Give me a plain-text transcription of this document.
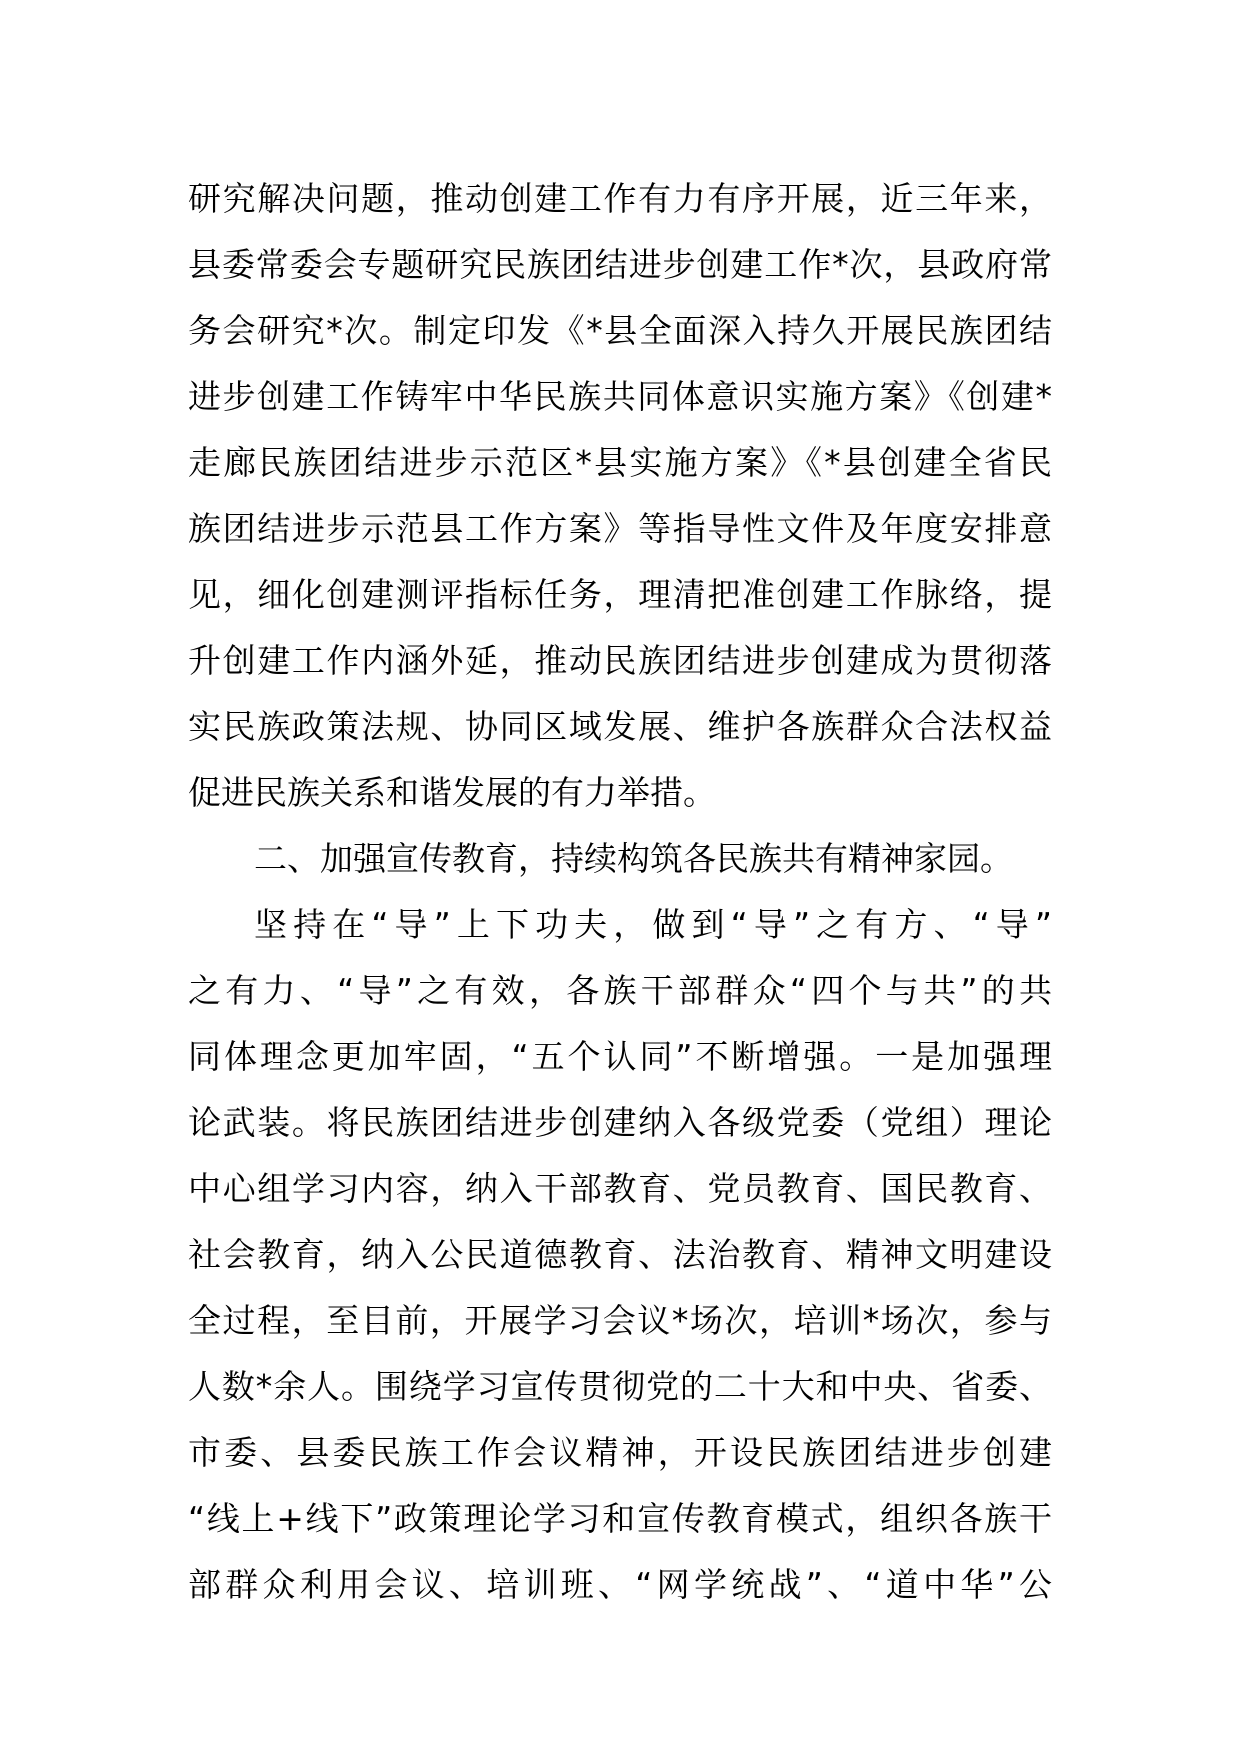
研究解决问题，推动创建工作有力有序开展，近三年来，
县委常委会专题研究民族团结进步创建工作*次，县政府常
务会研究*次。制定印发《*县全面深入持久开展民族团结
进步创建工作铸牢中华民族共同体意识实施方案》《创建*
走廊民族团结进步示范区*县实施方案》《*县创建全省民
族团结进步示范县工作方案》等指导性文件及年度安排意
见，细化创建测评指标任务，理清把准创建工作脉络，提
升创建工作内涵外延，推动民族团结进步创建成为贯彻落
实民族政策法规、协同区域发展、维护各族群众合法权益
促进民族关系和谐发展的有力举措。
二、加强宣传教育，持续构筑各民族共有精神家园。
坚持在“导”上下功夫，做到“导”之有方、“导”
之有力、“导”之有效，各族干部群众“四个与共”的共
同体理念更加牢固，“五个认同”不断增强。一是加强理
论武装。将民族团结进步创建纳入各级党委（党组）理论
中心组学习内容，纳入干部教育、党员教育、国民教育、
社会教育，纳入公民道德教育、法治教育、精神文明建设
全过程，至目前，开展学习会议*场次，培训*场次，参与
人数*余人。围绕学习宣传贯彻党的二十大和中央、省委、
市委、县委民族工作会议精神，开设民族团结进步创建
“线上+线下”政策理论学习和宣传教育模式，组织各族干
部群众利用会议、培训班、“网学统战”、“道中华”公
